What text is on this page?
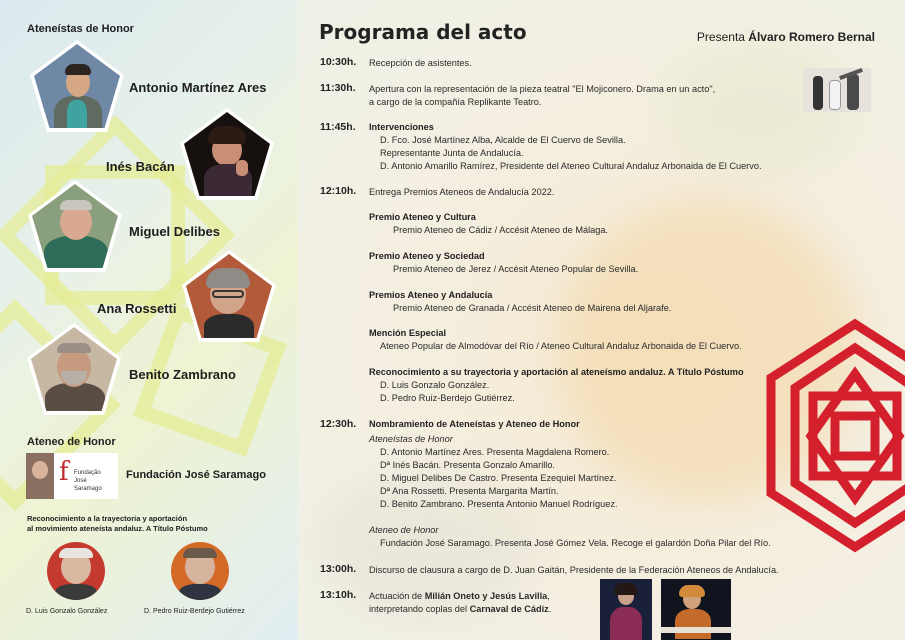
Ateneístas de Honor
Antonio Martínez Ares
Inés Bacán
Miguel Delibes
Ana Rossetti
Benito Zambrano
Ateneo de Honor
f Fundação José Saramago
Fundación José Saramago
Reconocimiento a la trayectoria y aportación
al movimiento ateneísta andaluz. A Título Póstumo
D. Luis Gonzalo González	D. Pedro Ruiz-Berdejo Gutiérrez
Programa del acto	Presenta Álvaro Romero Bernal
10:30h. Recepción de asistentes.
11:30h. Apertura con la representación de la pieza teatral "El Mojiconero. Drama en un acto",
a cargo de la compañía Replikante Teatro.
11:45h. Intervenciones
D. Fco. José Martínez Alba, Alcalde de El Cuervo de Sevilla.
Representante Junta de Andalucía.
D. Antonio Amarillo Ramírez, Presidente del Ateneo Cultural Andaluz Arbonaida de El Cuervo.
12:10h. Entrega Premios Ateneos de Andalucía 2022.
Premio Ateneo y Cultura
Premio Ateneo de Cádiz / Accésit Ateneo de Málaga.
Premio Ateneo y Sociedad
Premio Ateneo de Jerez / Accésit Ateneo Popular de Sevilla.
Premios Ateneo y Andalucía
Premio Ateneo de Granada / Accésit Ateneo de Mairena del Aljarafe.
Mención Especial
Ateneo Popular de Almodóvar del Río / Ateneo Cultural Andaluz Arbonaida de El Cuervo.
Reconocimiento a su trayectoria y aportación al ateneísmo andaluz. A Título Póstumo
D. Luis Gonzalo González.
D. Pedro Ruiz-Berdejo Gutiérrez.
12:30h. Nombramiento de Ateneístas y Ateneo de Honor
Ateneístas de Honor
D. Antonio Martínez Ares. Presenta Magdalena Romero.
Dª Inés Bacán. Presenta Gonzalo Amarillo.
D. Miguel Delibes De Castro. Presenta Ezequiel Martínez.
Dª Ana Rossetti. Presenta Margarita Martín.
D. Benito Zambrano. Presenta Antonio Manuel Rodríguez.
Ateneo de Honor
Fundación José Saramago. Presenta José Gómez Vela. Recoge el galardón Doña Pilar del Río.
13:00h. Discurso de clausura a cargo de D. Juan Gaitán, Presidente de la Federación Ateneos de Andalucía.
13:10h. Actuación de Milián Oneto y Jesús Lavilla,
interpretando coplas del Carnaval de Cádiz.
